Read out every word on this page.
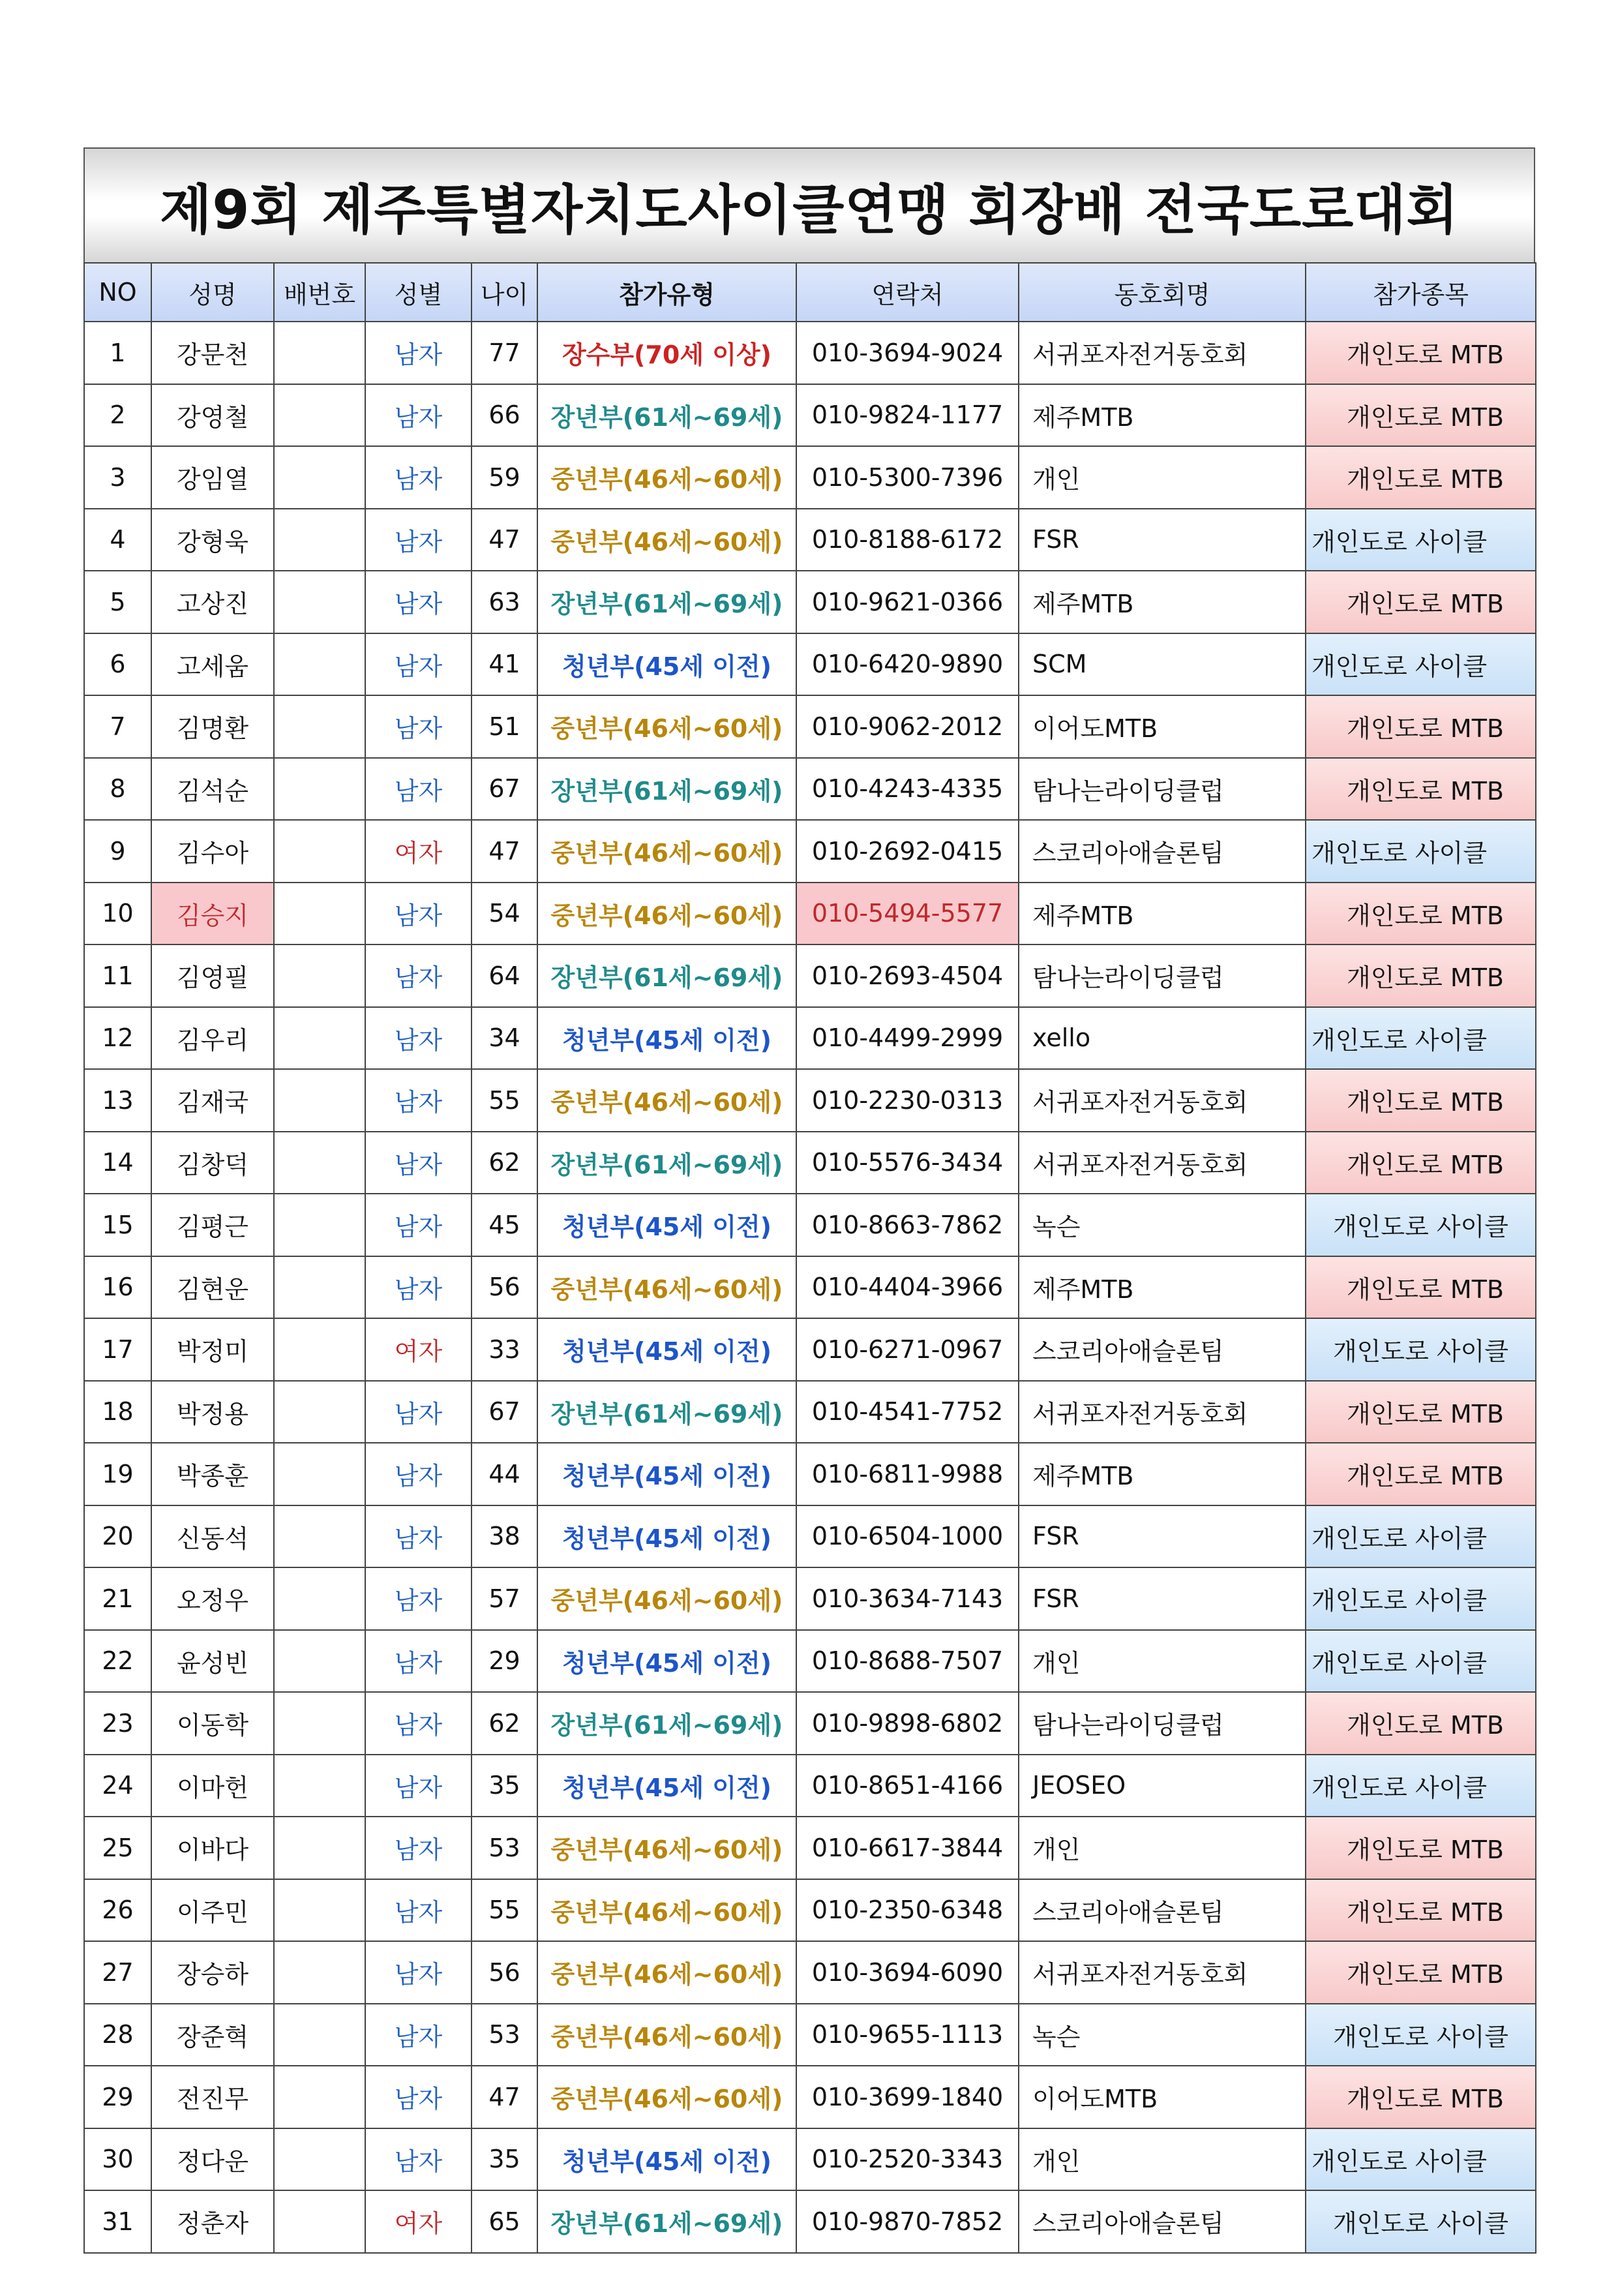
제9회 제주특별자치도사이클연맹 회장배 전국도로대회
NO	성명	배번호	성별	나이	참가유형	연락처	동호회명	참가종목
1	강문천		남자	77	장수부(70세 이상)	010-3694-9024	서귀포자전거동호회	개인도로 MTB
2	강영철		남자	66	장년부(61세~69세)	010-9824-1177	제주MTB	개인도로 MTB
3	강임열		남자	59	중년부(46세~60세)	010-5300-7396	개인	개인도로 MTB
4	강형욱		남자	47	중년부(46세~60세)	010-8188-6172	FSR	개인도로 사이클
5	고상진		남자	63	장년부(61세~69세)	010-9621-0366	제주MTB	개인도로 MTB
6	고세움		남자	41	청년부(45세 이전)	010-6420-9890	SCM	개인도로 사이클
7	김명환		남자	51	중년부(46세~60세)	010-9062-2012	이어도MTB	개인도로 MTB
8	김석순		남자	67	장년부(61세~69세)	010-4243-4335	탐나는라이딩클럽	개인도로 MTB
9	김수아		여자	47	중년부(46세~60세)	010-2692-0415	스코리아애슬론팀	개인도로 사이클
10	김승지		남자	54	중년부(46세~60세)	010-5494-5577	제주MTB	개인도로 MTB
11	김영필		남자	64	장년부(61세~69세)	010-2693-4504	탐나는라이딩클럽	개인도로 MTB
12	김우리		남자	34	청년부(45세 이전)	010-4499-2999	xello	개인도로 사이클
13	김재국		남자	55	중년부(46세~60세)	010-2230-0313	서귀포자전거동호회	개인도로 MTB
14	김창덕		남자	62	장년부(61세~69세)	010-5576-3434	서귀포자전거동호회	개인도로 MTB
15	김평근		남자	45	청년부(45세 이전)	010-8663-7862	녹슨	개인도로 사이클
16	김현운		남자	56	중년부(46세~60세)	010-4404-3966	제주MTB	개인도로 MTB
17	박정미		여자	33	청년부(45세 이전)	010-6271-0967	스코리아애슬론팀	개인도로 사이클
18	박정용		남자	67	장년부(61세~69세)	010-4541-7752	서귀포자전거동호회	개인도로 MTB
19	박종훈		남자	44	청년부(45세 이전)	010-6811-9988	제주MTB	개인도로 MTB
20	신동석		남자	38	청년부(45세 이전)	010-6504-1000	FSR	개인도로 사이클
21	오정우		남자	57	중년부(46세~60세)	010-3634-7143	FSR	개인도로 사이클
22	윤성빈		남자	29	청년부(45세 이전)	010-8688-7507	개인	개인도로 사이클
23	이동학		남자	62	장년부(61세~69세)	010-9898-6802	탐나는라이딩클럽	개인도로 MTB
24	이마헌		남자	35	청년부(45세 이전)	010-8651-4166	JEOSEO	개인도로 사이클
25	이바다		남자	53	중년부(46세~60세)	010-6617-3844	개인	개인도로 MTB
26	이주민		남자	55	중년부(46세~60세)	010-2350-6348	스코리아애슬론팀	개인도로 MTB
27	장승하		남자	56	중년부(46세~60세)	010-3694-6090	서귀포자전거동호회	개인도로 MTB
28	장준혁		남자	53	중년부(46세~60세)	010-9655-1113	녹슨	개인도로 사이클
29	전진무		남자	47	중년부(46세~60세)	010-3699-1840	이어도MTB	개인도로 MTB
30	정다운		남자	35	청년부(45세 이전)	010-2520-3343	개인	개인도로 사이클
31	정춘자		여자	65	장년부(61세~69세)	010-9870-7852	스코리아애슬론팀	개인도로 사이클
